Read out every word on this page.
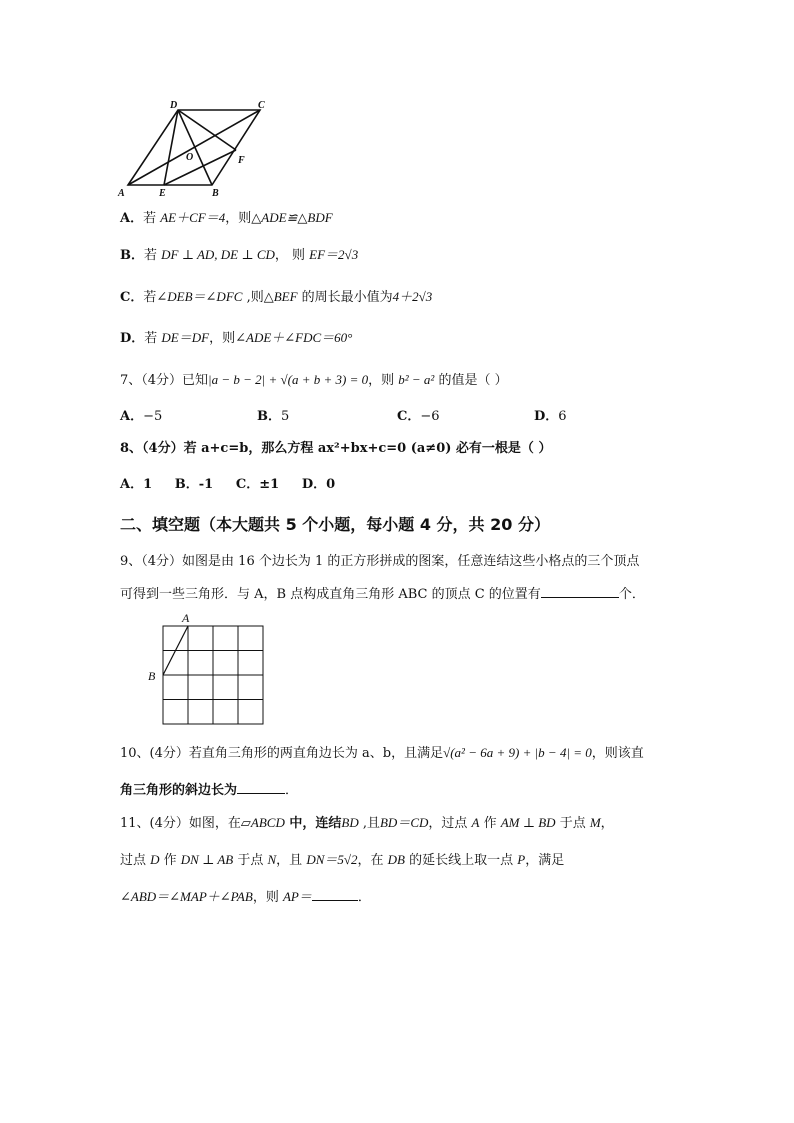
D	C
A	E	B
F
O
A．若 AE＋CF＝4，则△ADE≌△BDF
B．若 DF ⊥ AD, DE ⊥ CD， 则 EF＝2√3
C．若∠DEB＝∠DFC ,则△BEF 的周长最小值为4＋2√3
D．若 DE＝DF，则∠ADE＋∠FDC＝60°
7、（4分）已知|a − b − 2| + √(a + b + 3) = 0，则 b² − a² 的值是（ ）
A．−5	B．5	C．−6	D．6
8、（4分）若 a+c=b，那么方程 ax²+bx+c=0 (a≠0) 必有一根是（ ）
A．1 B．-1 C．±1 D．0
二、填空题（本大题共 5 个小题，每小题 4 分，共 20 分）
9、（4分）如图是由 16 个边长为 1 的正方形拼成的图案，任意连结这些小格点的三个顶点
可得到一些三角形．与 A，B 点构成直角三角形 ABC 的顶点 C 的位置有	个．
A
B
10、(4分）若直角三角形的两直角边长为 a、b，且满足√(a² − 6a + 9) + |b − 4| = 0，则该直
角三角形的斜边长为	．
11、(4分）如图，在▱ABCD 中，连结BD ,且BD＝CD，过点 A 作 AM ⊥ BD 于点 M，
过点 D 作 DN ⊥ AB 于点 N，且 DN＝5√2，在 DB 的延长线上取一点 P，满足
∠ABD＝∠MAP＋∠PAB，则 AP＝	．
